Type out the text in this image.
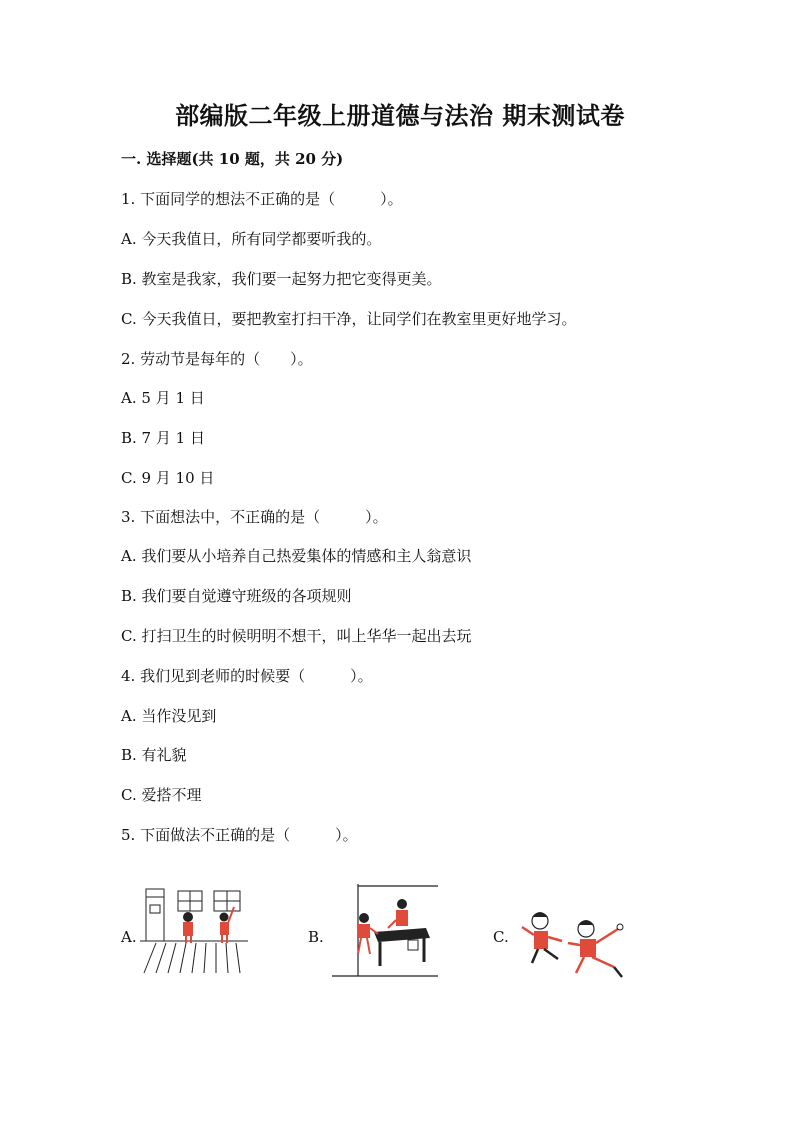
部编版二年级上册道德与法治 期末测试卷
一. 选择题(共 10 题，共 20 分)
1. 下面同学的想法不正确的是（　　　）。
A. 今天我值日，所有同学都要听我的。
B. 教室是我家，我们要一起努力把它变得更美。
C. 今天我值日，要把教室打扫干净，让同学们在教室里更好地学习。
2. 劳动节是每年的（　　）。
A. 5 月 1 日
B. 7 月 1 日
C. 9 月 10 日
3. 下面想法中，不正确的是（　　　）。
A. 我们要从小培养自己热爱集体的情感和主人翁意识
B. 我们要自觉遵守班级的各项规则
C. 打扫卫生的时候明明不想干，叫上华华一起出去玩
4. 我们见到老师的时候要（　　　）。
A. 当作没见到
B. 有礼貌
C. 爱搭不理
5. 下面做法不正确的是（　　　）。
A.	B.	C.
